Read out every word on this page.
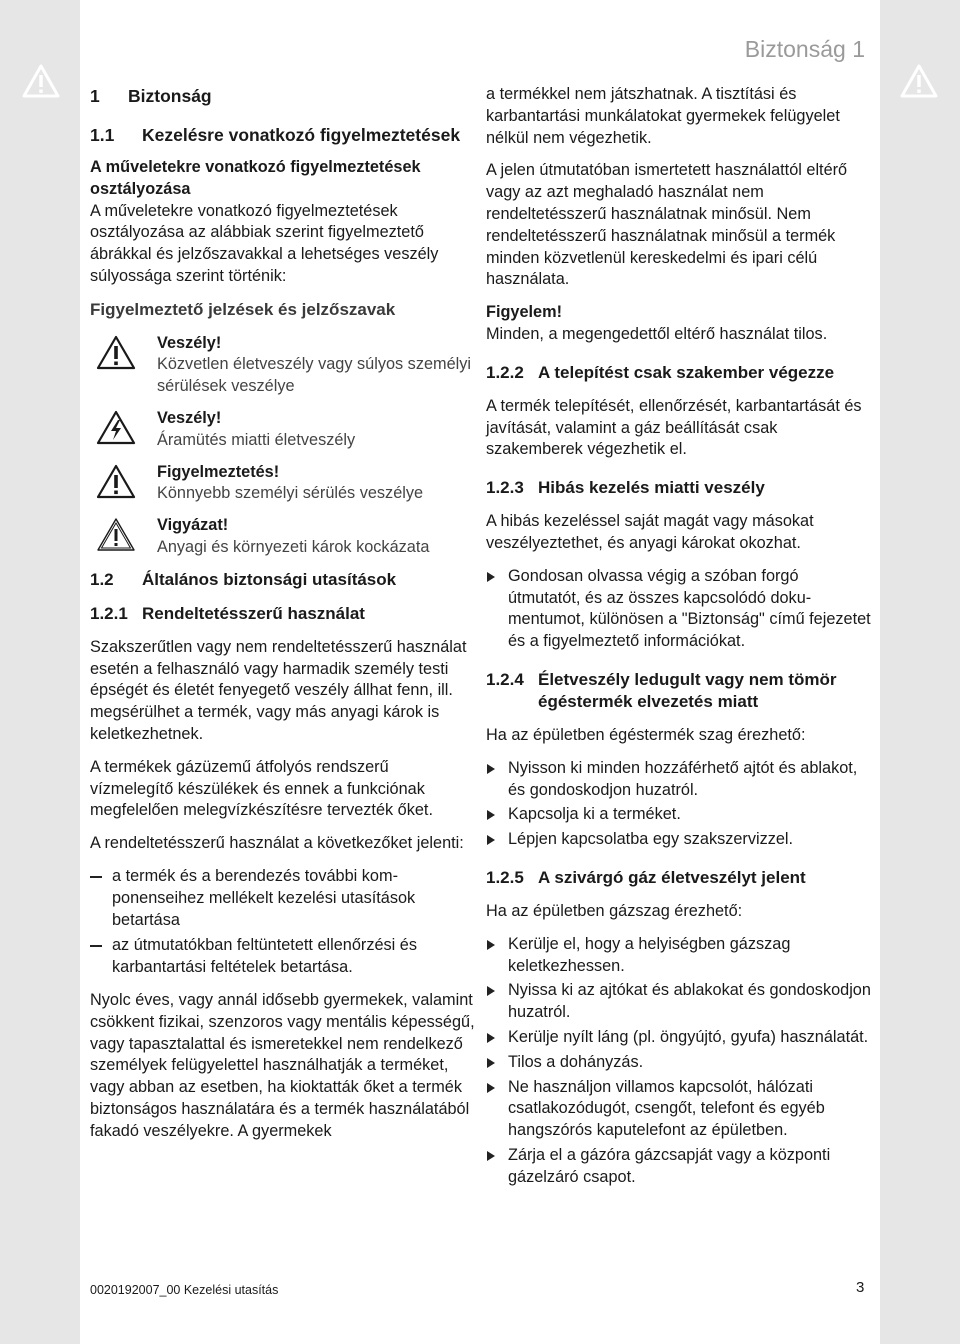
Biztonság 1
1	Biztonság
1.1	Kezelésre vonatkozó figyelmeztetések
A műveletekre vonatkozó figyelmeztetések osztályozása

A műveletekre vonatkozó figyelmeztetések osztályozása az alábbiak szerint figyelmeztető ábrákkal és jelzőszavakkal a lehetséges veszély súlyossága szerint történik:

Figyelmeztető jelzések és jelzőszavak
Veszély!
Közvetlen életveszély vagy súlyos személyi sérülések veszélye
Veszély!
Áramütés miatti életveszély
Figyelmeztetés!
Könnyebb személyi sérülés veszélye
Vigyázat!
Anyagi és környezeti károk kockázata
1.2	Általános biztonsági utasítások
1.2.1 Rendeltetésszerű használat

Szakszerűtlen vagy nem rendeltetésszerű használat esetén a felhasználó vagy harmadik személy testi épségét és életét fenyegető veszély állhat fenn, ill. megsérülhet a termék, vagy más anyagi károk is keletkezhetnek.

A termékek gázüzemű átfolyós rendszerű vízmelegítő készülékek és ennek a funkciónak megfelelően melegvízkészítésre tervezték őket.

A rendeltetésszerű használat a következőket jelenti:

a termék és a berendezés további komponenseihez mellékelt kezelési utasítások betartása
az útmutatókban feltüntetett ellenőrzési és karbantartási feltételek betartása.

Nyolc éves, vagy annál idősebb gyermekek, valamint csökkent fizikai, szenzoros vagy mentális képességű, vagy tapasztalattal és ismeretekkel nem rendelkező személyek felügyelettel használhatják a terméket, vagy abban az esetben, ha kioktatták őket a termék biztonságos használatára és a termék használatából fakadó veszélyekre. A gyermekek

a termékkel nem játszhatnak. A tisztítási és karbantartási munkálatokat gyermekek felügyelet nélkül nem végezhetik.

A jelen útmutatóban ismertetett használattól eltérő vagy az azt meghaladó használat nem rendeltetésszerű használatnak minősül. Nem rendeltetésszerű használatnak minősül a termék minden közvetlenül kereskedelmi és ipari célú használata.

Figyelem!

Minden, a megengedettől eltérő használat tilos.

1.2.2 A telepítést csak szakember végezze

A termék telepítését, ellenőrzését, karbantartását és javítását, valamint a gáz beállítását csak szakemberek végezhetik el.

1.2.3 Hibás kezelés miatti veszély

A hibás kezeléssel saját magát vagy másokat veszélyeztethet, és anyagi károkat okozhat.

Gondosan olvassa végig a szóban forgó útmutatót, és az összes kapcsolódó dokumentumot, különösen a "Biztonság" című fejezetet és a figyelmeztető információkat.
1.2.4 Életveszély ledugult vagy nem tömör égéstermék elvezetés miatt

Ha az épületben égéstermék szag érezhető:

Nyisson ki minden hozzáférhető ajtót és ablakot, és gondoskodjon huzatról.
Kapcsolja ki a terméket.
Lépjen kapcsolatba egy szakszervizzel.
1.2.5 A szivárgó gáz életveszélyt jelent

Ha az épületben gázszag érezhető:

Kerülje el, hogy a helyiségben gázszag keletkezhessen.
Nyissa ki az ajtókat és ablakokat és gondoskodjon huzatról.
Kerülje nyílt láng (pl. öngyújtó, gyufa) használatát.
Tilos a dohányzás.
Ne használjon villamos kapcsolót, hálózati csatlakozódugót, csengőt, telefont és egyéb hangszórós kaputelefont az épületben.
Zárja el a gázóra gázcsapját vagy a központi gázelzáró csapot.
0020192007_00 Kezelési utasítás	3
